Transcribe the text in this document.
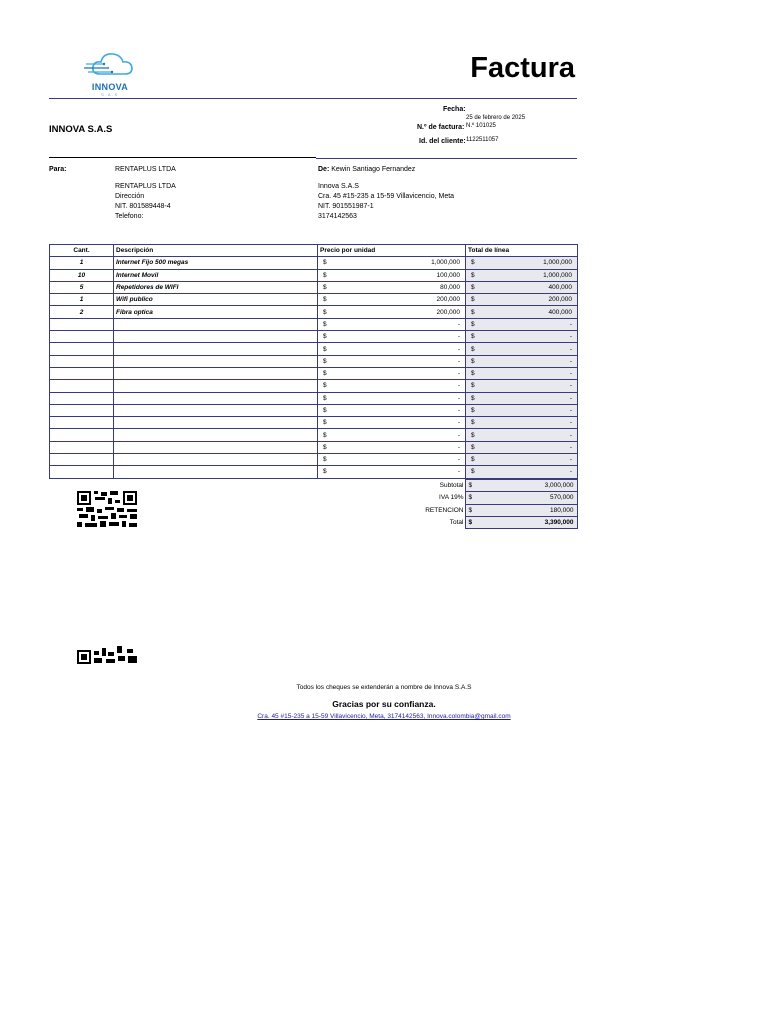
INNOVA
S.A.S
Factura
Fecha:
25 de febrero de 2025
N.º de factura: N.º 101025
Id. del cliente: 1122511057
INNOVA S.A.S
Para:	RENTAPLUS LTDA
RENTAPLUS LTDA
Dirección
NIT. 801589448-4
Telefono:
De: Kewin Santiago Fernandez
Innova S.A.S
Cra. 45 #15-235 a 15-59 Villavicencio, Meta
NIT. 901551987-1
3174142563
Cant.	Descripción	Precio por unidad	Total de línea
1	Internet Fijo 500 megas	$ 1,000,000	$ 1,000,000

10	Internet Movil	$ 100,000	$ 1,000,000

5	Repetidores de WIFI	$ 80,000	$ 400,000

1	Wifi publico	$ 200,000	$ 200,000

2	Fibra optica	$ 200,000	$ 400,000

		$ -	$ -

		$ -	$ -

		$ -	$ -

		$ -	$ -

		$ -	$ -

		$ -	$ -

		$ -	$ -

		$ -	$ -

		$ -	$ -

		$ -	$ -

		$ -	$ -

		$ -	$ -

		$ -	$ -
Subtotal	$ 3,000,000

IVA 19%	$ 570,000

RETENCION	$ 180,000

Total	$ 3,390,000
Todos los cheques se extenderán a nombre de Innova S.A.S
Gracias por su confianza.
Cra. 45 #15-235 a 15-59 Villavicencio, Meta, 3174142563, Innova.colombia@gmail.com
